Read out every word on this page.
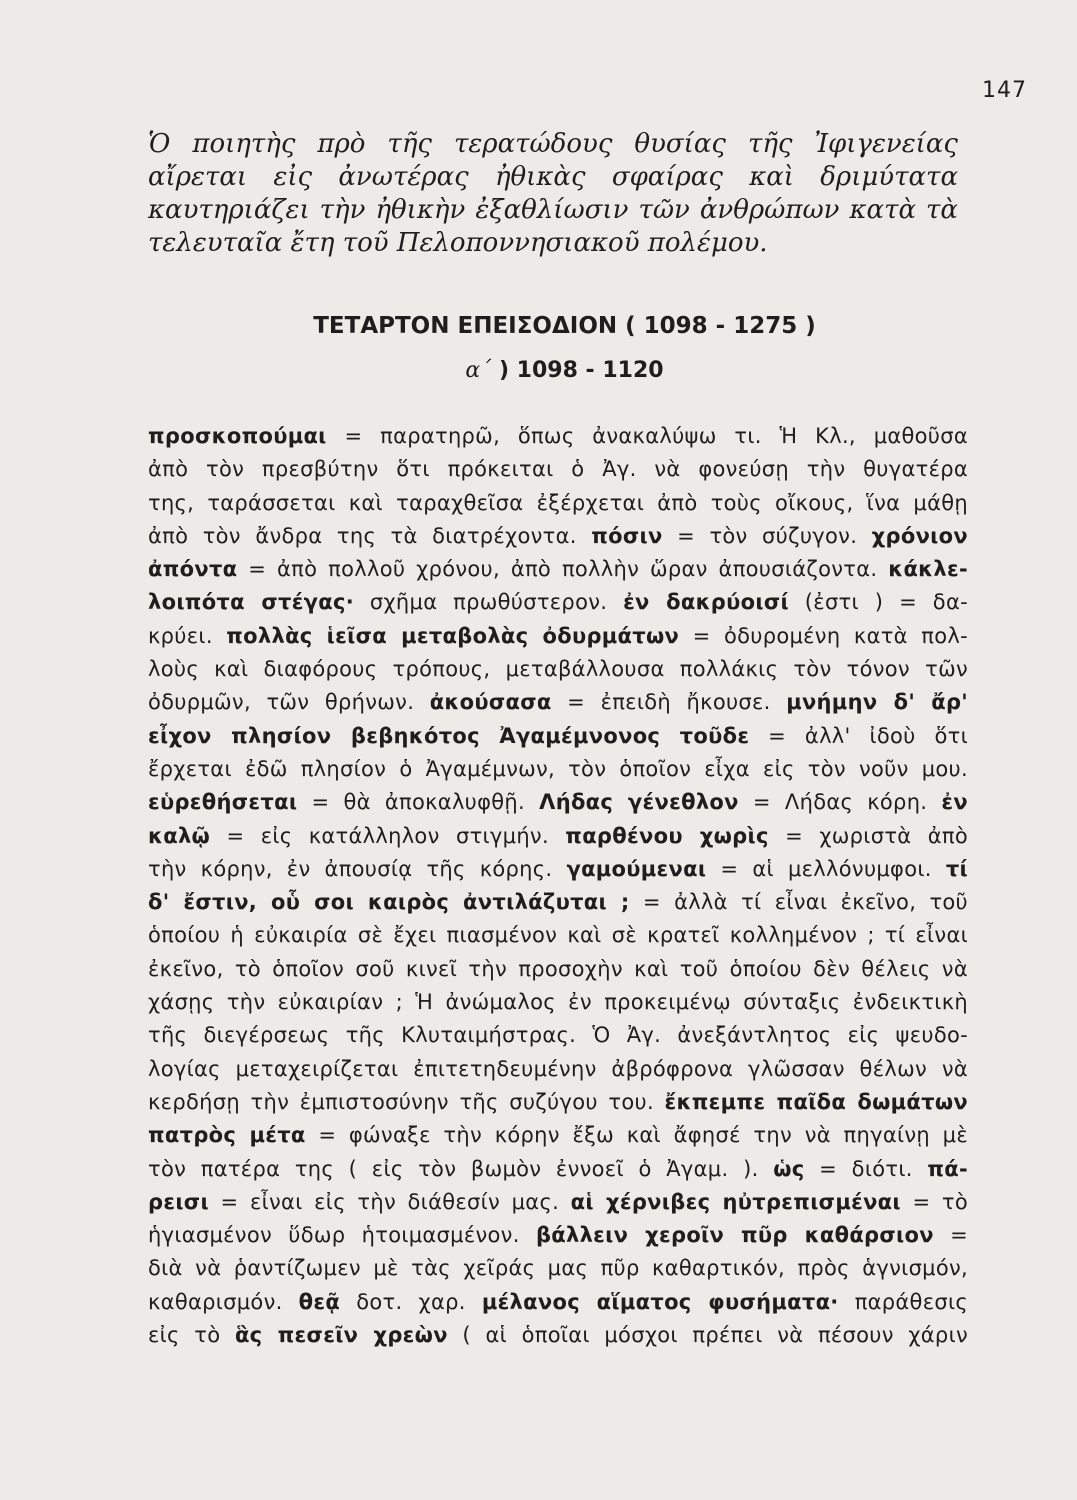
147
Ὁ ποιητὴς πρὸ τῆς τερατώδους θυσίας τῆς Ἰφιγενείας αἴρεται εἰς ἀνωτέρας ἠθικὰς σφαίρας καὶ δριμύτατα καυτηριάζει τὴν ἠθικὴν ἐξαθλίωσιν τῶν ἀνθρώπων κατὰ τὰ τελευταῖα ἔτη τοῦ Πελοποννησιακοῦ πολέμου.
ΤΕΤΑΡΤΟΝ ΕΠΕΙΣΟΔΙΟΝ ( 1098 - 1275 )
α΄ ) 1098 - 1120
προσκοπούμαι = παρατηρῶ, ὅπως ἀνακαλύψω τι. Ἡ Κλ., μαθοῦσα
ἀπὸ τὸν πρεσβύτην ὅτι πρόκειται ὁ Ἀγ. νὰ φονεύσῃ τὴν θυγατέρα
της, ταράσσεται καὶ ταραχθεῖσα ἐξέρχεται ἀπὸ τοὺς οἴκους, ἵνα μάθῃ
ἀπὸ τὸν ἄνδρα της τὰ διατρέχοντα. πόσιν = τὸν σύζυγον. χρόνιον
ἀπόντα = ἀπὸ πολλοῦ χρόνου, ἀπὸ πολλὴν ὥραν ἀπουσιάζοντα. κάκλε-
λοιπότα στέγας· σχῆμα πρωθύστερον. ἐν δακρύοισί (ἐστι ) = δα-
κρύει. πολλὰς ἱεῖσα μεταβολὰς ὀδυρμάτων = ὀδυρομένη κατὰ πολ-
λοὺς καὶ διαφόρους τρόπους, μεταβάλλουσα πολλάκις τὸν τόνον τῶν
ὀδυρμῶν, τῶν θρήνων. ἀκούσασα = ἐπειδὴ ἤκουσε. μνήμην δ' ἄρ'
εἶχον πλησίον βεβηκότος Ἀγαμέμνονος τοῦδε = ἀλλ' ἰδοὺ ὅτι
ἔρχεται ἐδῶ πλησίον ὁ Ἀγαμέμνων, τὸν ὁποῖον εἶχα εἰς τὸν νοῦν μου.
εὑρεθήσεται = θὰ ἀποκαλυφθῇ. Λήδας γένεθλον = Λήδας κόρη. ἐν
καλῷ = εἰς κατάλληλον στιγμήν. παρθένου χωρὶς = χωριστὰ ἀπὸ
τὴν κόρην, ἐν ἀπουσίᾳ τῆς κόρης. γαμούμεναι = αἱ μελλόνυμφοι. τί
δ' ἔστιν, οὗ σοι καιρὸς ἀντιλάζυται ; = ἀλλὰ τί εἶναι ἐκεῖνο, τοῦ
ὁποίου ἡ εὐκαιρία σὲ ἔχει πιασμένον καὶ σὲ κρατεῖ κολλημένον ; τί εἶναι
ἐκεῖνο, τὸ ὁποῖον σοῦ κινεῖ τὴν προσοχὴν καὶ τοῦ ὁποίου δὲν θέλεις νὰ
χάσῃς τὴν εὐκαιρίαν ; Ἡ ἀνώμαλος ἐν προκειμένῳ σύνταξις ἐνδεικτικὴ
τῆς διεγέρσεως τῆς Κλυταιμήστρας. Ὁ Ἀγ. ἀνεξάντλητος εἰς ψευδο-
λογίας μεταχειρίζεται ἐπιτετηδευμένην ἀβρόφρονα γλῶσσαν θέλων νὰ
κερδήσῃ τὴν ἐμπιστοσύνην τῆς συζύγου του. ἔκπεμπε παῖδα δωμάτων
πατρὸς μέτα = φώναξε τὴν κόρην ἔξω καὶ ἄφησέ την νὰ πηγαίνῃ μὲ
τὸν πατέρα της ( εἰς τὸν βωμὸν ἐννοεῖ ὁ Ἀγαμ. ). ὡς = διότι. πά-
ρεισι = εἶναι εἰς τὴν διάθεσίν μας. αἱ χέρνιβες ηὐτρεπισμέναι = τὸ
ἡγιασμένον ὕδωρ ἡτοιμασμένον. βάλλειν χεροῖν πῦρ καθάρσιον =
διὰ νὰ ῥαντίζωμεν μὲ τὰς χεῖράς μας πῦρ καθαρτικόν, πρὸς ἁγνισμόν,
καθαρισμόν. θεᾷ δοτ. χαρ. μέλανος αἵματος φυσήματα· παράθεσις
εἰς τὸ ἃς πεσεῖν χρεὼν ( αἱ ὁποῖαι μόσχοι πρέπει νὰ πέσουν χάριν
